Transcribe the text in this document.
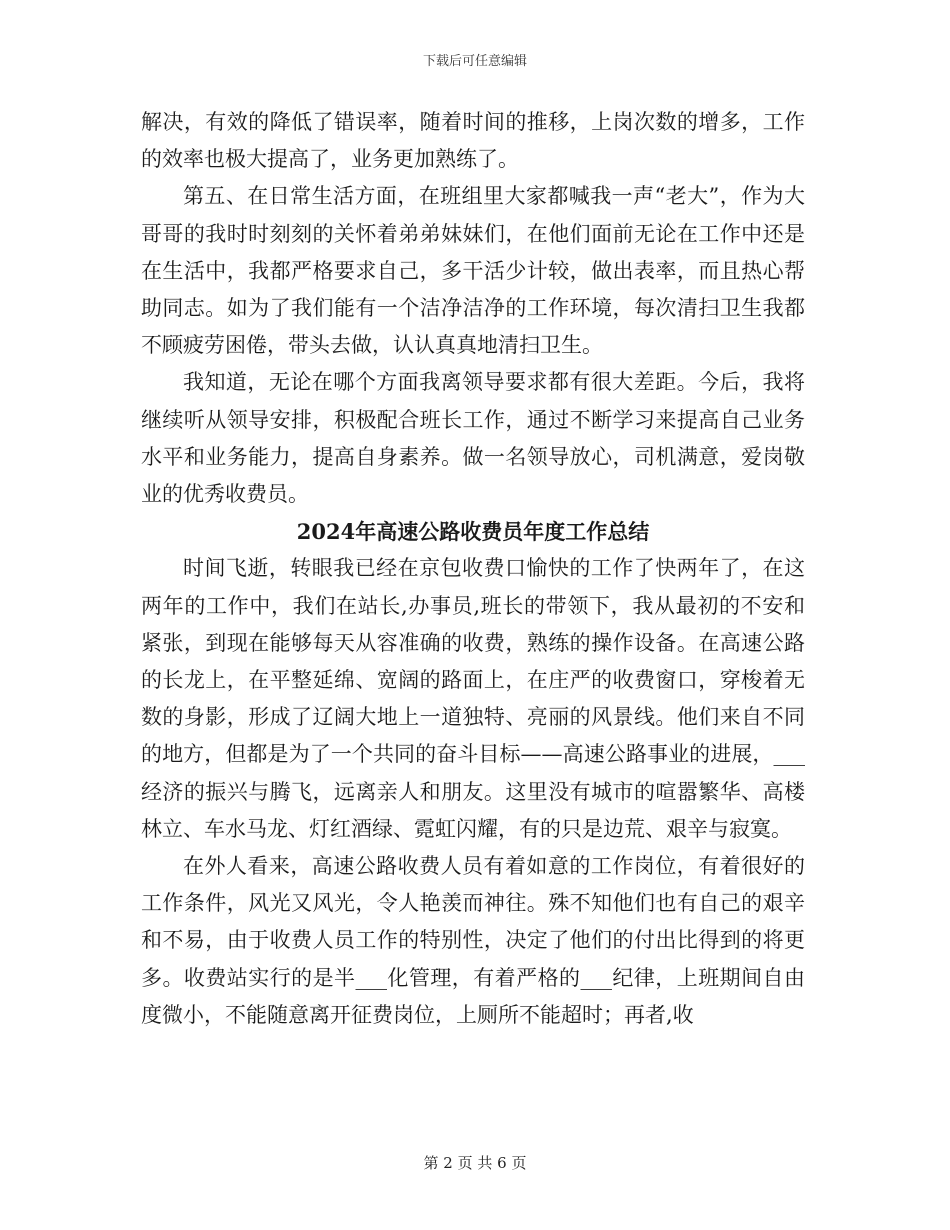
下载后可任意编辑

解决，有效的降低了错误率，随着时间的推移，上岗次数的增多，工作的效率也极大提高了，业务更加熟练了。

第五、在日常生活方面，在班组里大家都喊我一声“老大”，作为大哥哥的我时时刻刻的关怀着弟弟妹妹们，在他们面前无论在工作中还是在生活中，我都严格要求自己，多干活少计较，做出表率，而且热心帮助同志。如为了我们能有一个洁净洁净的工作环境，每次清扫卫生我都不顾疲劳困倦，带头去做，认认真真地清扫卫生。

我知道，无论在哪个方面我离领导要求都有很大差距。今后，我将继续听从领导安排，积极配合班长工作，通过不断学习来提高自己业务水平和业务能力，提高自身素养。做一名领导放心，司机满意，爱岗敬业的优秀收费员。

2024年高速公路收费员年度工作总结

时间飞逝，转眼我已经在京包收费口愉快的工作了快两年了，在这两年的工作中，我们在站长,办事员,班长的带领下，我从最初的不安和紧张，到现在能够每天从容准确的收费，熟练的操作设备。在高速公路的长龙上，在平整延绵、宽阔的路面上，在庄严的收费窗口，穿梭着无数的身影，形成了辽阔大地上一道独特、亮丽的风景线。他们来自不同的地方，但都是为了一个共同的奋斗目标——高速公路事业的进展，___经济的振兴与腾飞，远离亲人和朋友。这里没有城市的喧嚣繁华、高楼林立、车水马龙、灯红酒绿、霓虹闪耀，有的只是边荒、艰辛与寂寞。

在外人看来，高速公路收费人员有着如意的工作岗位，有着很好的工作条件，风光又风光，令人艳羡而神往。殊不知他们也有自己的艰辛和不易，由于收费人员工作的特别性，决定了他们的付出比得到的将更多。收费站实行的是半___化管理，有着严格的___纪律，上班期间自由度微小，不能随意离开征费岗位，上厕所不能超时；再者,收

第 2 页 共 6 页
